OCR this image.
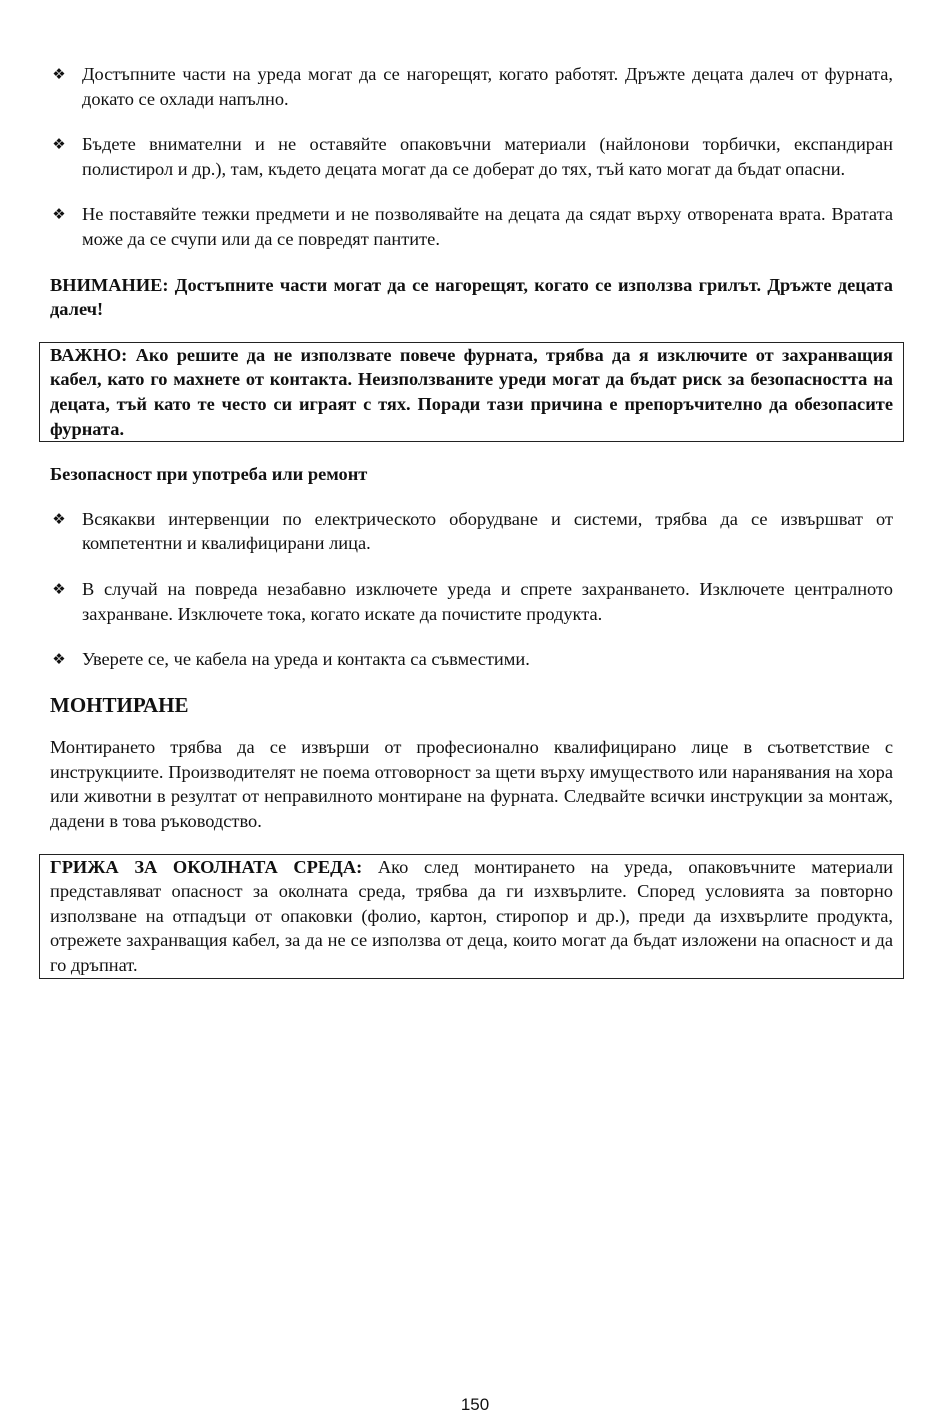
❖ Достъпните части на уреда могат да се нагорещят, когато работят. Дръжте децата далеч от фурната, докато се охлади напълно.
❖ Бъдете внимателни и не оставяйте опаковъчни материали (найлонови торбички, експандиран полистирол и др.), там, където децата могат да се доберат до тях, тъй като могат да бъдат опасни.
❖ Не поставяйте тежки предмети и не позволявайте на децата да сядат върху отворената врата. Вратата може да се счупи или да се повредят пантите.

ВНИМАНИЕ: Достъпните части могат да се нагорещят, когато се използва грилът. Дръжте децата далеч!

ВАЖНО: Ако решите да не използвате повече фурната, трябва да я изключите от захранващия кабел, като го махнете от контакта. Неизползваните уреди могат да бъдат риск за безопасността на децата, тъй като те често си играят с тях. Поради тази причина е препоръчително да обезопасите фурната.
Безопасност при употреба или ремонт
❖ Всякакви интервенции по електрическото оборудване и системи, трябва да се извършват от компетентни и квалифицирани лица.
❖ В случай на повреда незабавно изключете уреда и спрете захранването. Изключете централното захранване. Изключете тока, когато искате да почистите продукта.
❖ Уверете се, че кабела на уреда и контакта са съвместими.
МОНТИРАНЕ

Монтирането трябва да се извърши от професионално квалифицирано лице в съответствие с инструкциите. Производителят не поема отговорност за щети върху имуществото или наранявания на хора или животни в резултат от неправилното монтиране на фурната. Следвайте всички инструкции за монтаж, дадени в това ръководство.

ГРИЖА ЗА ОКОЛНАТА СРЕДА: Ако след монтирането на уреда, опаковъчните материали представляват опасност за околната среда, трябва да ги изхвърлите. Според условията за повторно използване на отпадъци от опаковки (фолио, картон, стиропор и др.), преди да изхвърлите продукта, отрежете захранващия кабел, за да не се използва от деца, които могат да бъдат изложени на опасност и да го дръпнат.
150
